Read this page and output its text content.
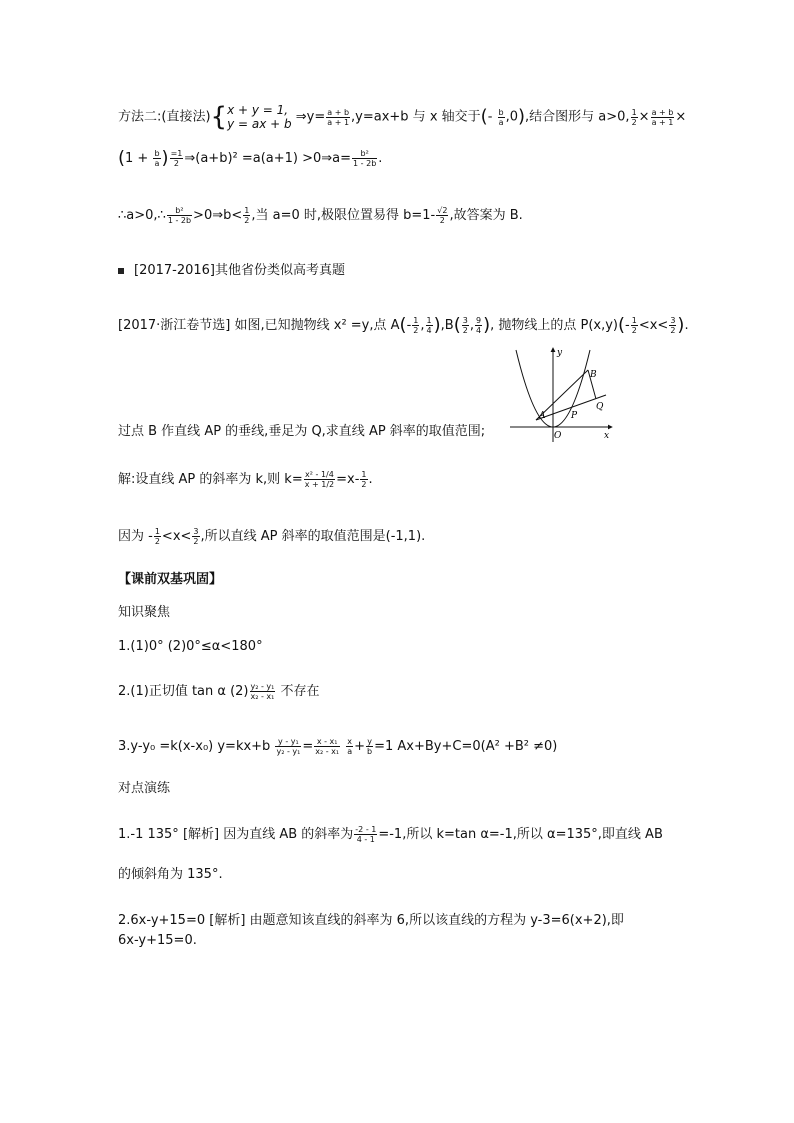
方法二:(直接法){ x + y = 1,
y = ax + b ⇒y= $\frac{a + b}{a + 1} ,y=ax+b$ 与 x 轴交于(- $\frac{b}{a} ,0$),结合图形与 a>0, $\frac{1}{2} \times \frac{a + b}{a + 1}$ ×
($1 + \frac{b}{a}$ ) $\frac{=1}{2}$ ⇒(a+b)² =a(a+1) >0⇒a= $\frac{\text{b²}}{1 - 2b}$ .
∴a>0,∴ $\frac{\text{b²}}{1 - 2b}$ >0⇒b< $\frac{1}{2}$ ,当 a=0 时,极限位置易得 $b=1- \frac{√2}{2}$ ,故答案为 B.
[2017-2016]其他省份类似高考真题
[2017·浙江卷节选] 如图,已知抛物线 x² =y,点 $A(- \frac{1}{2}$ , $\frac{1}{4} ),B( \frac{3}{2}$ , $\frac{9}{4}$ ), 抛物线上的点 $P(x,y)(- \frac{1}{2} <x< \frac{3}{2}$ ).
y
x
O
A	P
B
Q
过点 B 作直线 AP 的垂线,垂足为 Q,求直线 AP 斜率的取值范围;
解:设直线 AP 的斜率为 k,则 $k= \frac{\text{x² - 1/4}}{x + 1/2} =x- \frac{1}{2}$ .
因为 - $\frac{1}{2} <x< \frac{3}{2}$ ,所以直线 AP 斜率的取值范围是(-1,1).
【课前双基巩固】
知识聚焦
1.(1)0° (2)0°≤α<180°
2.(1)正切值 tan α $(2) \frac{\text{y₂ - y₁}}{\text{x₂ - x₁}}$ 不存在
3.y-y₀ =k(x-x₀) $y=kx+b \frac{\text{y - y₁}}{\text{y₂ - y₁}} = \frac{\text{x - x₁}}{\text{x₂ - x₁}}$
$\frac{x}{a} + \frac{y}{b} =1$ Ax+By+C=0(A² +B² ≠0)
对点演练
1.-1 135° [解析] 因为直线 AB 的斜率为 $\frac{-2 - 1}{4 - 1} =-1$,所以 k=tan α=-1,所以 α=135°,即直线 AB
的倾斜角为 135°.
2.6x-y+15=0 [解析] 由题意知该直线的斜率为 6,所以该直线的方程为 y-3=6(x+2),即
6x-y+15=0.
